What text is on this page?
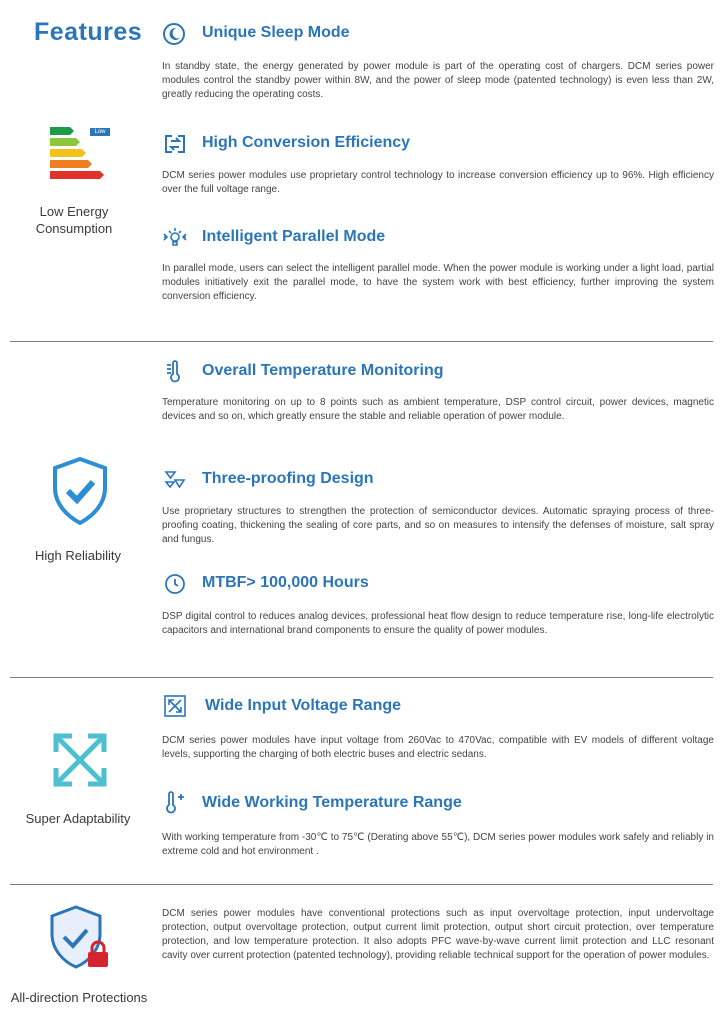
Features
Low
Low Energy Consumption
Unique Sleep Mode
In standby state, the energy generated by power module is part of the operating cost of chargers. DCM series power modules control the standby power within 8W, and the power of sleep mode (patented technology) is even less than 2W, greatly reducing the operating costs.
High Conversion Efficiency
DCM series power modules use proprietary control technology to increase conversion efficiency up to 96%. High efficiency over the full voltage range.
Intelligent Parallel Mode
In parallel mode, users can select the intelligent parallel mode. When the power module is working under a light load, partial modules initiatively exit the parallel mode, to have the system work with best efficiency, further improving the system conversion efficiency.
High Reliability
Overall Temperature Monitoring
Temperature monitoring on up to 8 points such as ambient temperature, DSP control circuit, power devices, magnetic devices and so on, which greatly ensure the stable and reliable operation of power module.
Three-proofing Design
Use proprietary structures to strengthen the protection of semiconductor devices. Automatic spraying process of three-proofing coating, thickening the sealing of core parts, and so on measures to intensify the defenses of moisture, salt spray and fungus.
MTBF> 100,000 Hours
DSP digital control to reduces analog devices, professional heat flow design to reduce temperature rise, long-life electrolytic capacitors and international brand components to ensure the quality of power modules.
Super Adaptability
Wide Input Voltage Range
DCM series power modules have input voltage from 260Vac to 470Vac, compatible with EV models of different voltage levels, supporting the charging of both electric buses and electric sedans.
Wide Working Temperature Range
With working temperature from -30℃ to 75℃ (Derating above 55℃), DCM series power modules work safely and reliably in extreme cold and hot environment .
All-direction Protections
DCM series power modules have conventional protections such as input overvoltage protection, input undervoltage protection, output overvoltage protection, output current limit protection, output short circuit protection, over temperature protection, and low temperature protection. It also adopts PFC wave-by-wave current limit protection and LLC resonant cavity over current protection (patented technology), providing reliable technical support for the operation of power modules.
